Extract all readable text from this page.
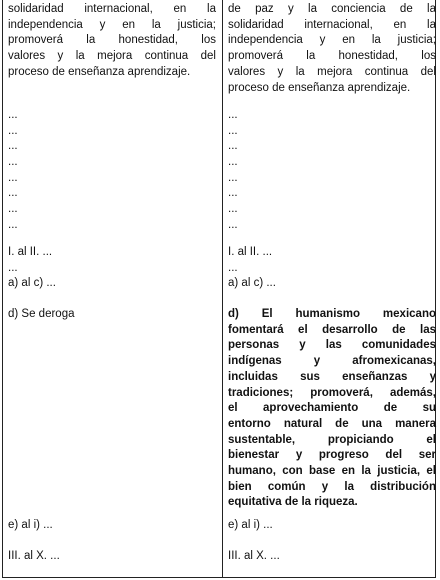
solidaridad internacional, en la
independencia y en la justicia;
promoverá la honestidad, los
valores y la mejora continua del
proceso de enseñanza aprendizaje.
...
...
...
...
...
...
...
...
I. al II. ...
...
a) al c) ...
d) Se deroga
e) al i) ...
III. al X. ...
de paz y la conciencia de la
solidaridad internacional, en la
independencia y en la justicia;
promoverá la honestidad, los
valores y la mejora continua del
proceso de enseñanza aprendizaje.
...
...
...
...
...
...
...
...
I. al II. ...
...
a) al c) ...
d) El humanismo mexicano
fomentará el desarrollo de las
personas y las comunidades
indígenas y afromexicanas,
incluidas sus enseñanzas y
tradiciones; promoverá, además,
el aprovechamiento de su
entorno natural de una manera
sustentable, propiciando el
bienestar y progreso del ser
humano, con base en la justicia, el
bien común y la distribución
equitativa de la riqueza.
e) al i) ...
III. al X. ...
